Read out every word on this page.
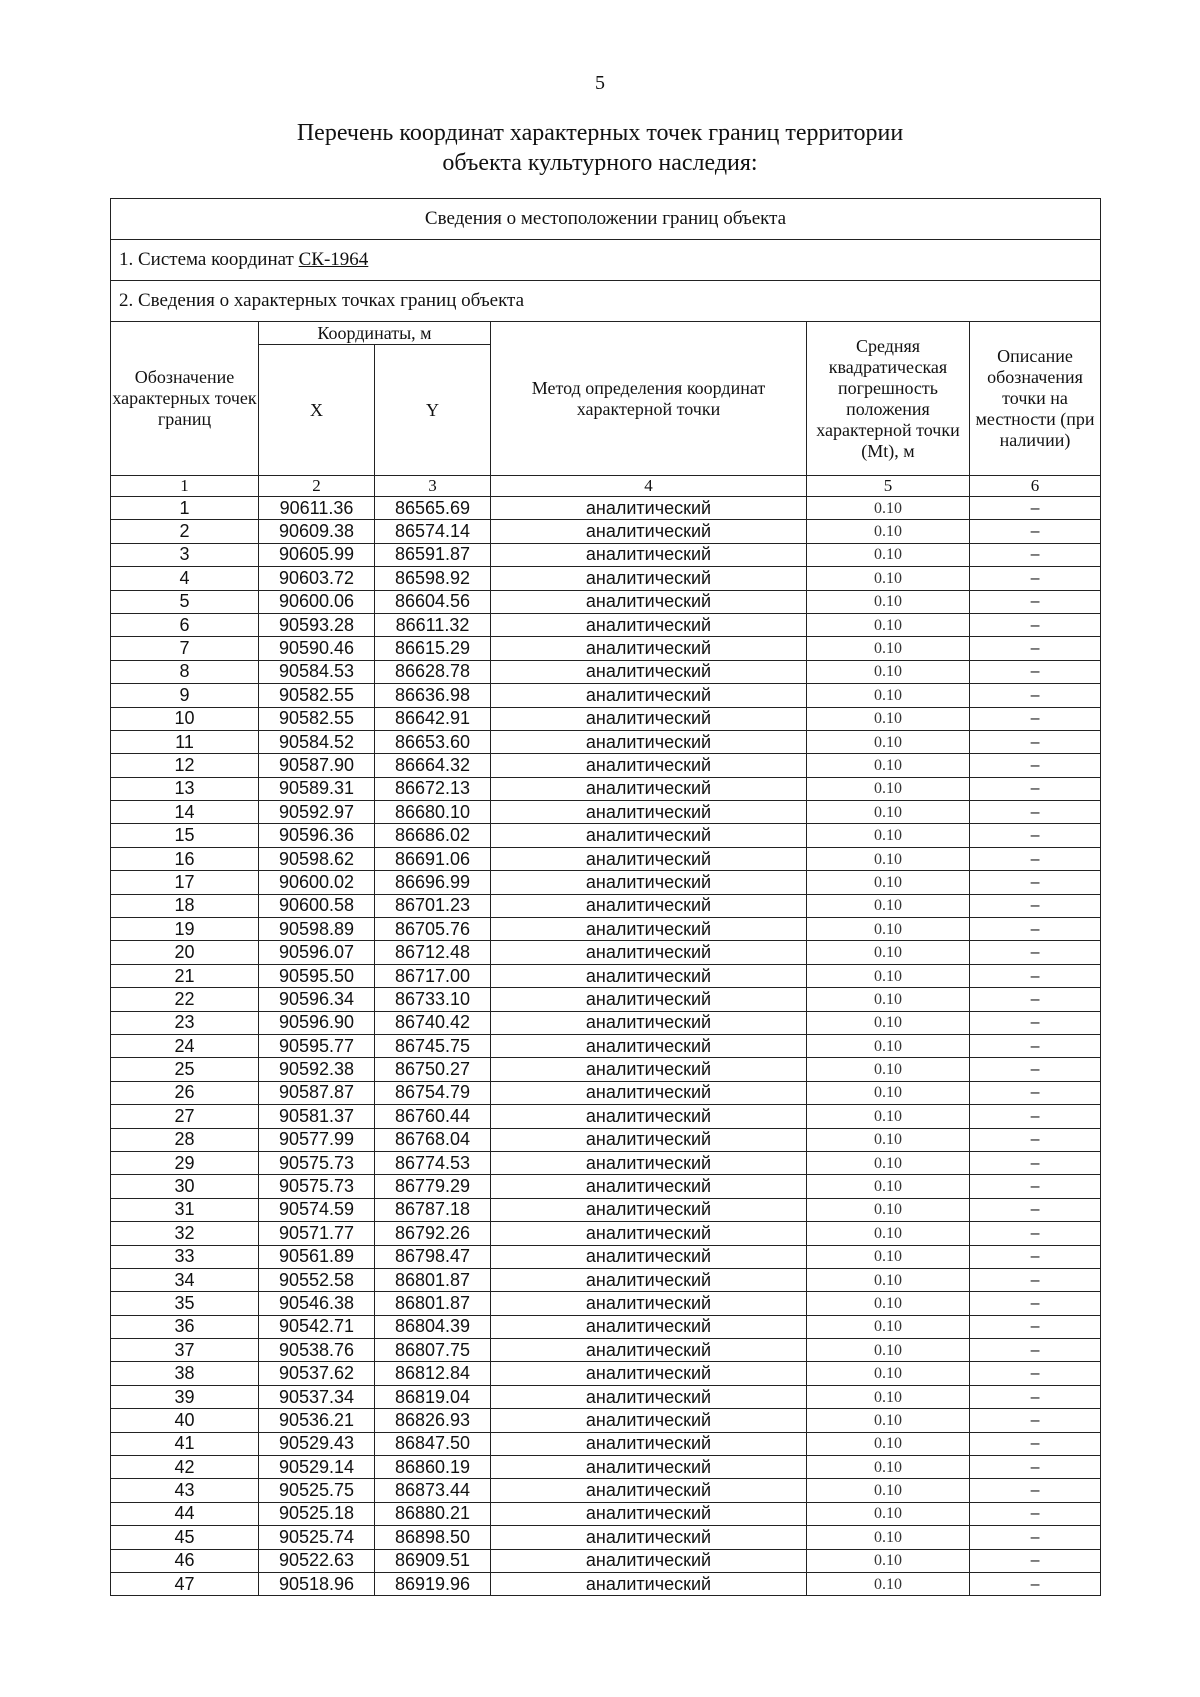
5
Перечень координат характерных точек границ территории
объекта культурного наследия:
Сведения о местоположении границ объекта					
1. Система координат СК-1964					
2. Сведения о характерных точках границ объекта					
Обозначение характерных точек границ	Координаты, м		Метод определения координат характерной точки	Средняя квадратическая погрешность положения характерной точки (Мt), м	Описание обозначения точки на местности (при наличии)
	X	Y			
1	2	3	4	5	6
1	90611.36	86565.69	аналитический	0.10	–
2	90609.38	86574.14	аналитический	0.10	–
3	90605.99	86591.87	аналитический	0.10	–
4	90603.72	86598.92	аналитический	0.10	–
5	90600.06	86604.56	аналитический	0.10	–
6	90593.28	86611.32	аналитический	0.10	–
7	90590.46	86615.29	аналитический	0.10	–
8	90584.53	86628.78	аналитический	0.10	–
9	90582.55	86636.98	аналитический	0.10	–
10	90582.55	86642.91	аналитический	0.10	–
11	90584.52	86653.60	аналитический	0.10	–
12	90587.90	86664.32	аналитический	0.10	–
13	90589.31	86672.13	аналитический	0.10	–
14	90592.97	86680.10	аналитический	0.10	–
15	90596.36	86686.02	аналитический	0.10	–
16	90598.62	86691.06	аналитический	0.10	–
17	90600.02	86696.99	аналитический	0.10	–
18	90600.58	86701.23	аналитический	0.10	–
19	90598.89	86705.76	аналитический	0.10	–
20	90596.07	86712.48	аналитический	0.10	–
21	90595.50	86717.00	аналитический	0.10	–
22	90596.34	86733.10	аналитический	0.10	–
23	90596.90	86740.42	аналитический	0.10	–
24	90595.77	86745.75	аналитический	0.10	–
25	90592.38	86750.27	аналитический	0.10	–
26	90587.87	86754.79	аналитический	0.10	–
27	90581.37	86760.44	аналитический	0.10	–
28	90577.99	86768.04	аналитический	0.10	–
29	90575.73	86774.53	аналитический	0.10	–
30	90575.73	86779.29	аналитический	0.10	–
31	90574.59	86787.18	аналитический	0.10	–
32	90571.77	86792.26	аналитический	0.10	–
33	90561.89	86798.47	аналитический	0.10	–
34	90552.58	86801.87	аналитический	0.10	–
35	90546.38	86801.87	аналитический	0.10	–
36	90542.71	86804.39	аналитический	0.10	–
37	90538.76	86807.75	аналитический	0.10	–
38	90537.62	86812.84	аналитический	0.10	–
39	90537.34	86819.04	аналитический	0.10	–
40	90536.21	86826.93	аналитический	0.10	–
41	90529.43	86847.50	аналитический	0.10	–
42	90529.14	86860.19	аналитический	0.10	–
43	90525.75	86873.44	аналитический	0.10	–
44	90525.18	86880.21	аналитический	0.10	–
45	90525.74	86898.50	аналитический	0.10	–
46	90522.63	86909.51	аналитический	0.10	–
47	90518.96	86919.96	аналитический	0.10	–
